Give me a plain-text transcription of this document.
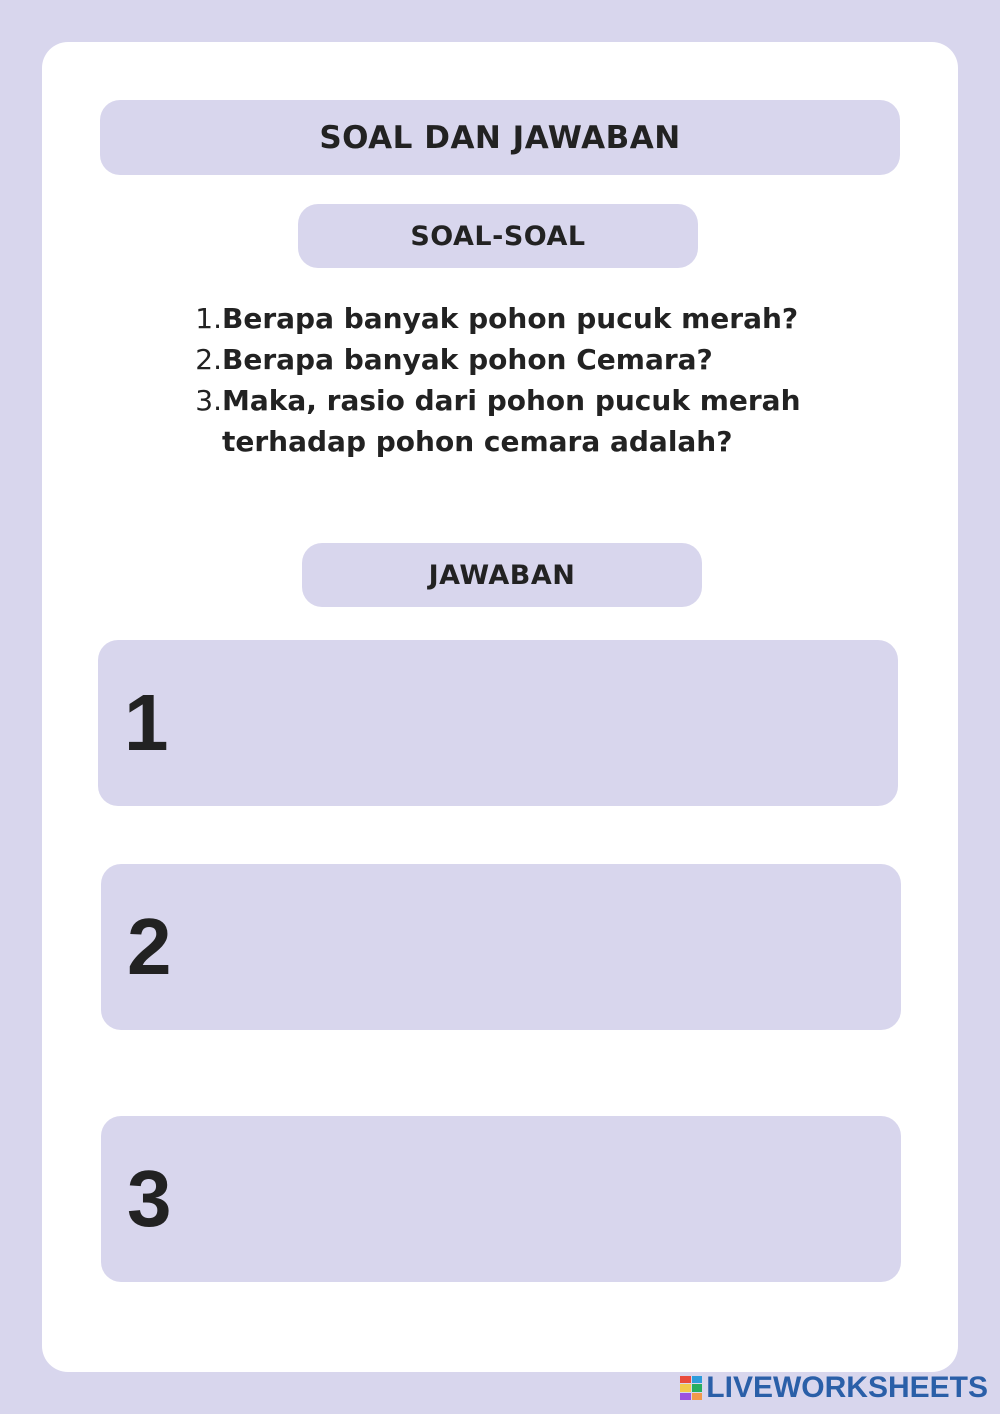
SOAL DAN JAWABAN
SOAL-SOAL
1. Berapa banyak pohon pucuk merah?
2. Berapa banyak pohon Cemara?
3. Maka, rasio dari pohon pucuk merah terhadap pohon cemara adalah?
JAWABAN
1
2
3
LIVEWORKSHEETS
